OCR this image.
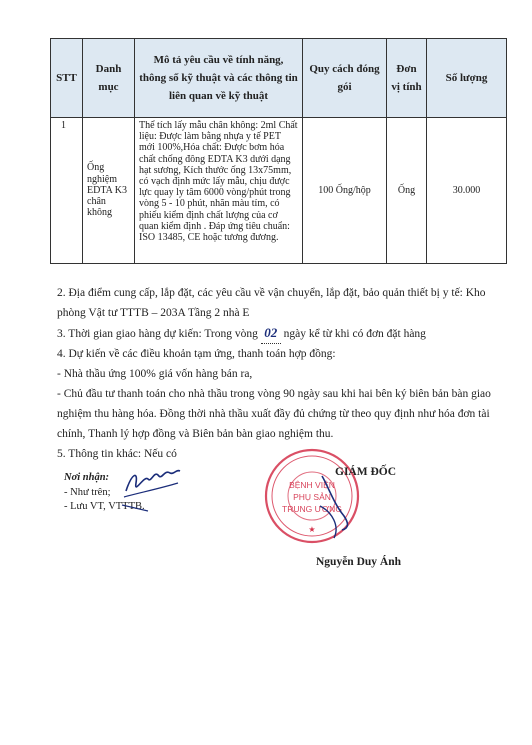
STT	Danh mục	Mô tả yêu cầu về tính năng, thông số kỹ thuật và các thông tin liên quan về kỹ thuật	Quy cách đóng gói	Đơn vị tính	Số lượng
1	Ống nghiệm EDTA K3 chân không	Thể tích lấy mẫu chân không: 2ml Chất liệu: Được làm bằng nhựa y tế PET mới 100%,Hóa chất: Được bơm hóa chất chống đông EDTA K3 dưới dạng hạt sương, Kích thước ống 13x75mm, có vạch định mức lấy mẫu, chịu được lực quay ly tâm 6000 vòng/phút trong vòng 5 - 10 phút, nhãn màu tím, có phiếu kiểm định chất lượng của cơ quan kiểm định . Đáp ứng tiêu chuẩn: ISO 13485, CE hoặc tương đương.	100 Ống/hộp	Ống	30.000

2. Địa điểm cung cấp, lắp đặt, các yêu cầu về vận chuyển, lắp đặt, bảo quản thiết bị y tế: Kho phòng Vật tư TTTB – 203A Tầng 2 nhà E

3. Thời gian giao hàng dự kiến: Trong vòng 02 ngày kể từ khi có đơn đặt hàng

4. Dự kiến về các điều khoản tạm ứng, thanh toán hợp đồng:

- Nhà thầu ứng 100% giá vốn hàng bán ra,

- Chủ đầu tư thanh toán cho nhà thầu trong vòng 90 ngày sau khi hai bên ký biên bản bàn giao nghiệm thu hàng hóa. Đồng thời nhà thầu xuất đầy đủ chứng từ theo quy định như hóa đơn tài chính, Thanh lý hợp đồng và Biên bản bàn giao nghiệm thu.

5. Thông tin khác: Nếu có

Nơi nhận:
- Như trên;
- Lưu VT, VTTTB.
BỆNH VIỆN
PHỤ SẢN
TRUNG ƯƠNG
★
GIÁM ĐỐC
Nguyễn Duy Ánh
